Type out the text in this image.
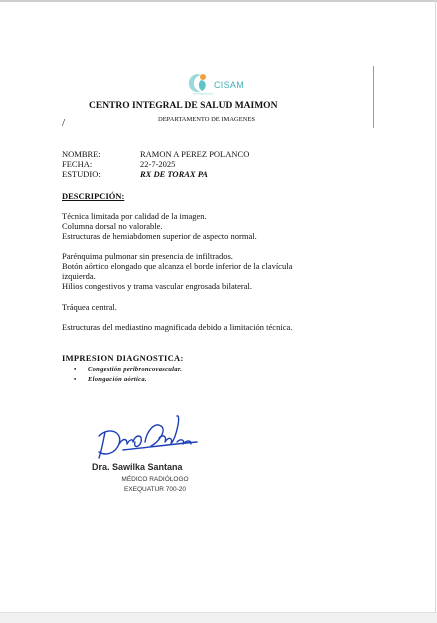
CISAM
CENTRO INTEGRAL DE SALUD MAIMON
/	DEPARTAMENTO DE IMAGENES
NOMBRE:	RAMON A PEREZ POLANCO
FECHA:	22-7-2025
ESTUDIO:	RX DE TORAX PA
DESCRIPCIÓN:
Técnica limitada por calidad de la imagen.
Columna dorsal no valorable.
Estructuras de hemiabdomen superior de aspecto normal.
Parénquima pulmonar sin presencia de infiltrados.
Botón aórtico elongado que alcanza el borde inferior de la clavícula
izquierda.
Hilios congestivos y trama vascular engrosada bilateral.
Tráquea central.
Estructuras del mediastino magnificada debido a limitación técnica.
IMPRESION DIAGNOSTICA:
• Congestión peribroncovascular.
• Elongación aórtica.
Dra. Sawilka Santana
MÉDICO RADIÓLOGO
EXEQUATUR 700-20
